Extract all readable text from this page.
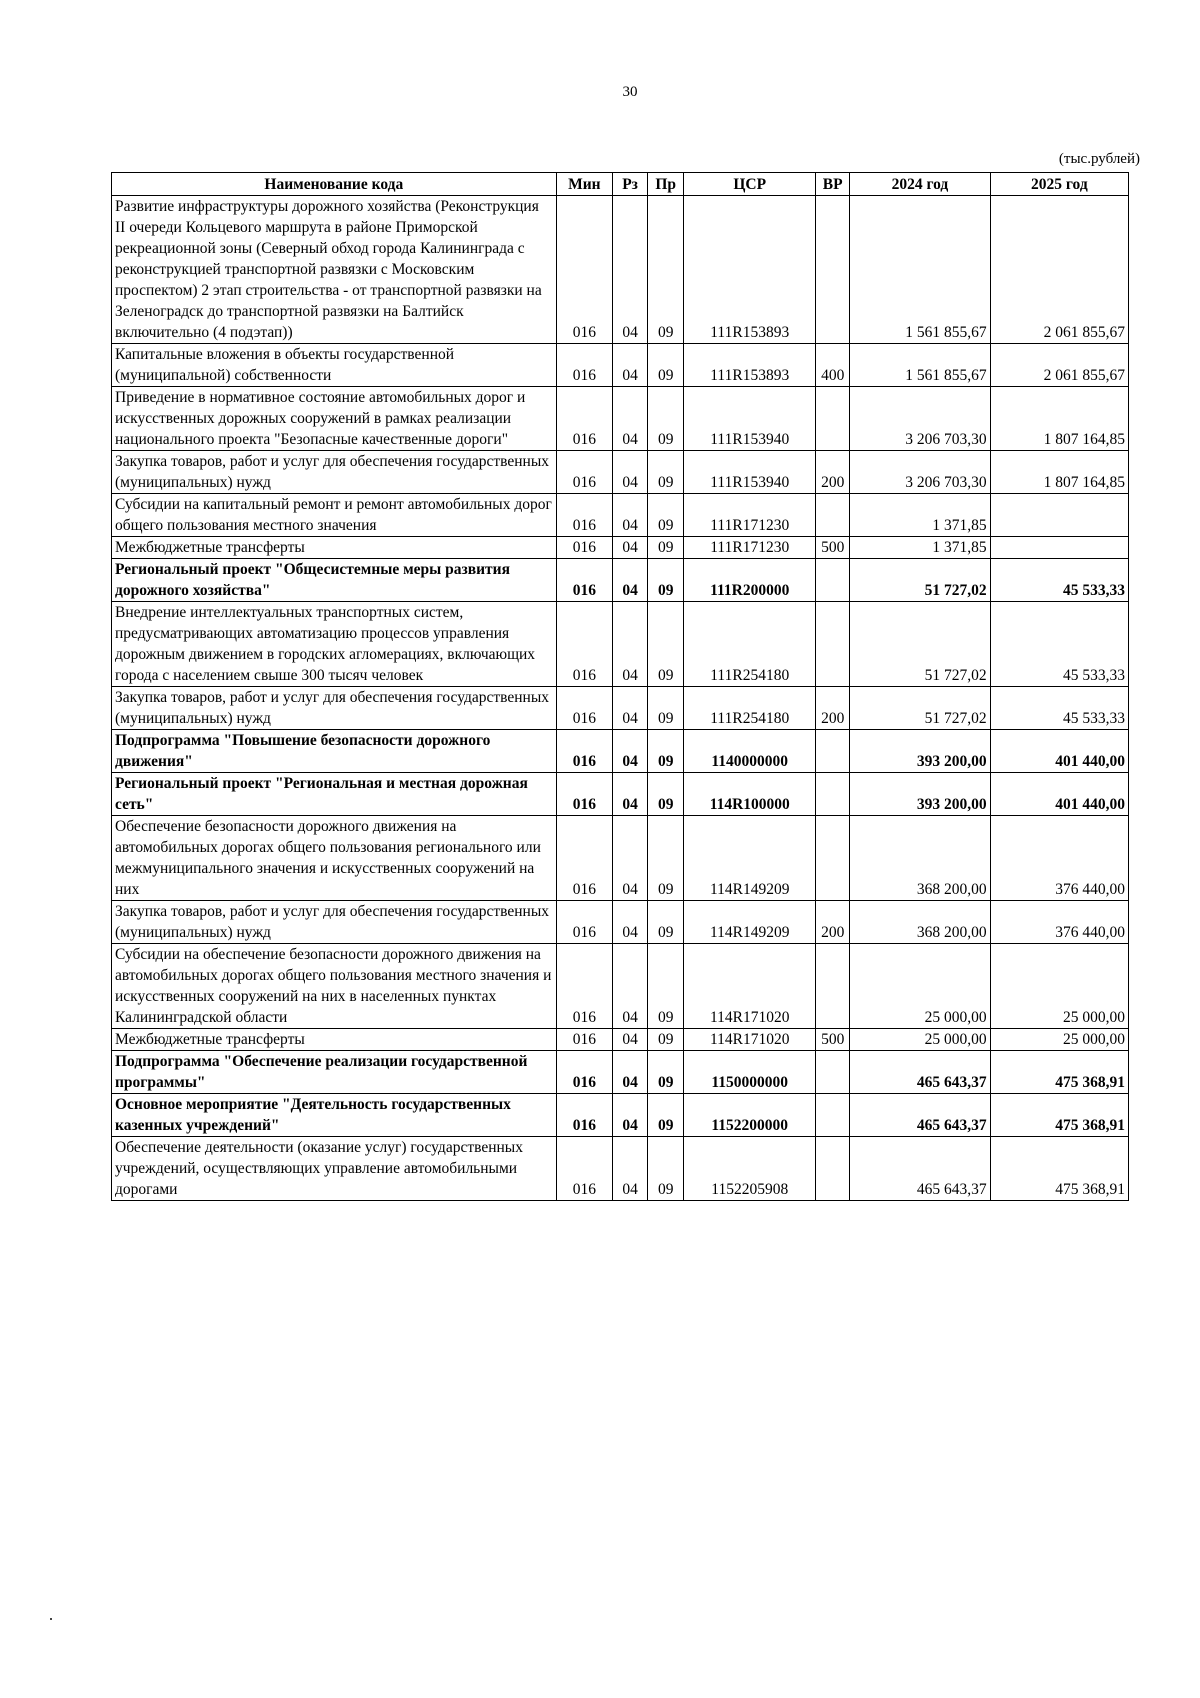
30
(тыс.рублей)
Наименование кода	Мин	Рз	Пр	ЦСР	ВР	2024 год	2025 год
Развитие инфраструктуры дорожного хозяйства (Реконструкция II очереди Кольцевого маршрута в районе Приморской рекреационной зоны (Северный обход города Калининграда с реконструкцией транспортной развязки с Московским проспектом) 2 этап строительства - от транспортной развязки на Зеленоградск до транспортной развязки на Балтийск включительно (4 подэтап))	016	04	09	111R153893		1 561 855,67	2 061 855,67
Капитальные вложения в объекты государственной (муниципальной) собственности	016	04	09	111R153893	400	1 561 855,67	2 061 855,67
Приведение в нормативное состояние автомобильных дорог и искусственных дорожных сооружений в рамках реализации национального проекта "Безопасные качественные дороги"	016	04	09	111R153940		3 206 703,30	1 807 164,85
Закупка товаров, работ и услуг для обеспечения государственных (муниципальных) нужд	016	04	09	111R153940	200	3 206 703,30	1 807 164,85
Субсидии на капитальный ремонт и ремонт автомобильных дорог общего пользования местного значения	016	04	09	111R171230		1 371,85	
Межбюджетные трансферты	016	04	09	111R171230	500	1 371,85	
Региональный проект "Общесистемные меры развития дорожного хозяйства"	016	04	09	111R200000		51 727,02	45 533,33
Внедрение интеллектуальных транспортных систем, предусматривающих автоматизацию процессов управления дорожным движением в городских агломерациях, включающих города с населением свыше 300 тысяч человек	016	04	09	111R254180		51 727,02	45 533,33
Закупка товаров, работ и услуг для обеспечения государственных (муниципальных) нужд	016	04	09	111R254180	200	51 727,02	45 533,33
Подпрограмма "Повышение безопасности дорожного движения"	016	04	09	1140000000		393 200,00	401 440,00
Региональный проект "Региональная и местная дорожная сеть"	016	04	09	114R100000		393 200,00	401 440,00
Обеспечение безопасности дорожного движения на автомобильных дорогах общего пользования регионального или межмуниципального значения и искусственных сооружений на них	016	04	09	114R149209		368 200,00	376 440,00
Закупка товаров, работ и услуг для обеспечения государственных (муниципальных) нужд	016	04	09	114R149209	200	368 200,00	376 440,00
Субсидии на обеспечение безопасности дорожного движения на автомобильных дорогах общего пользования местного значения и искусственных сооружений на них в населенных пунктах Калининградской области	016	04	09	114R171020		25 000,00	25 000,00
Межбюджетные трансферты	016	04	09	114R171020	500	25 000,00	25 000,00
Подпрограмма "Обеспечение реализации государственной программы"	016	04	09	1150000000		465 643,37	475 368,91
Основное мероприятие "Деятельность государственных казенных учреждений"	016	04	09	1152200000		465 643,37	475 368,91
Обеспечение деятельности (оказание услуг) государственных учреждений, осуществляющих управление автомобильными дорогами	016	04	09	1152205908		465 643,37	475 368,91
